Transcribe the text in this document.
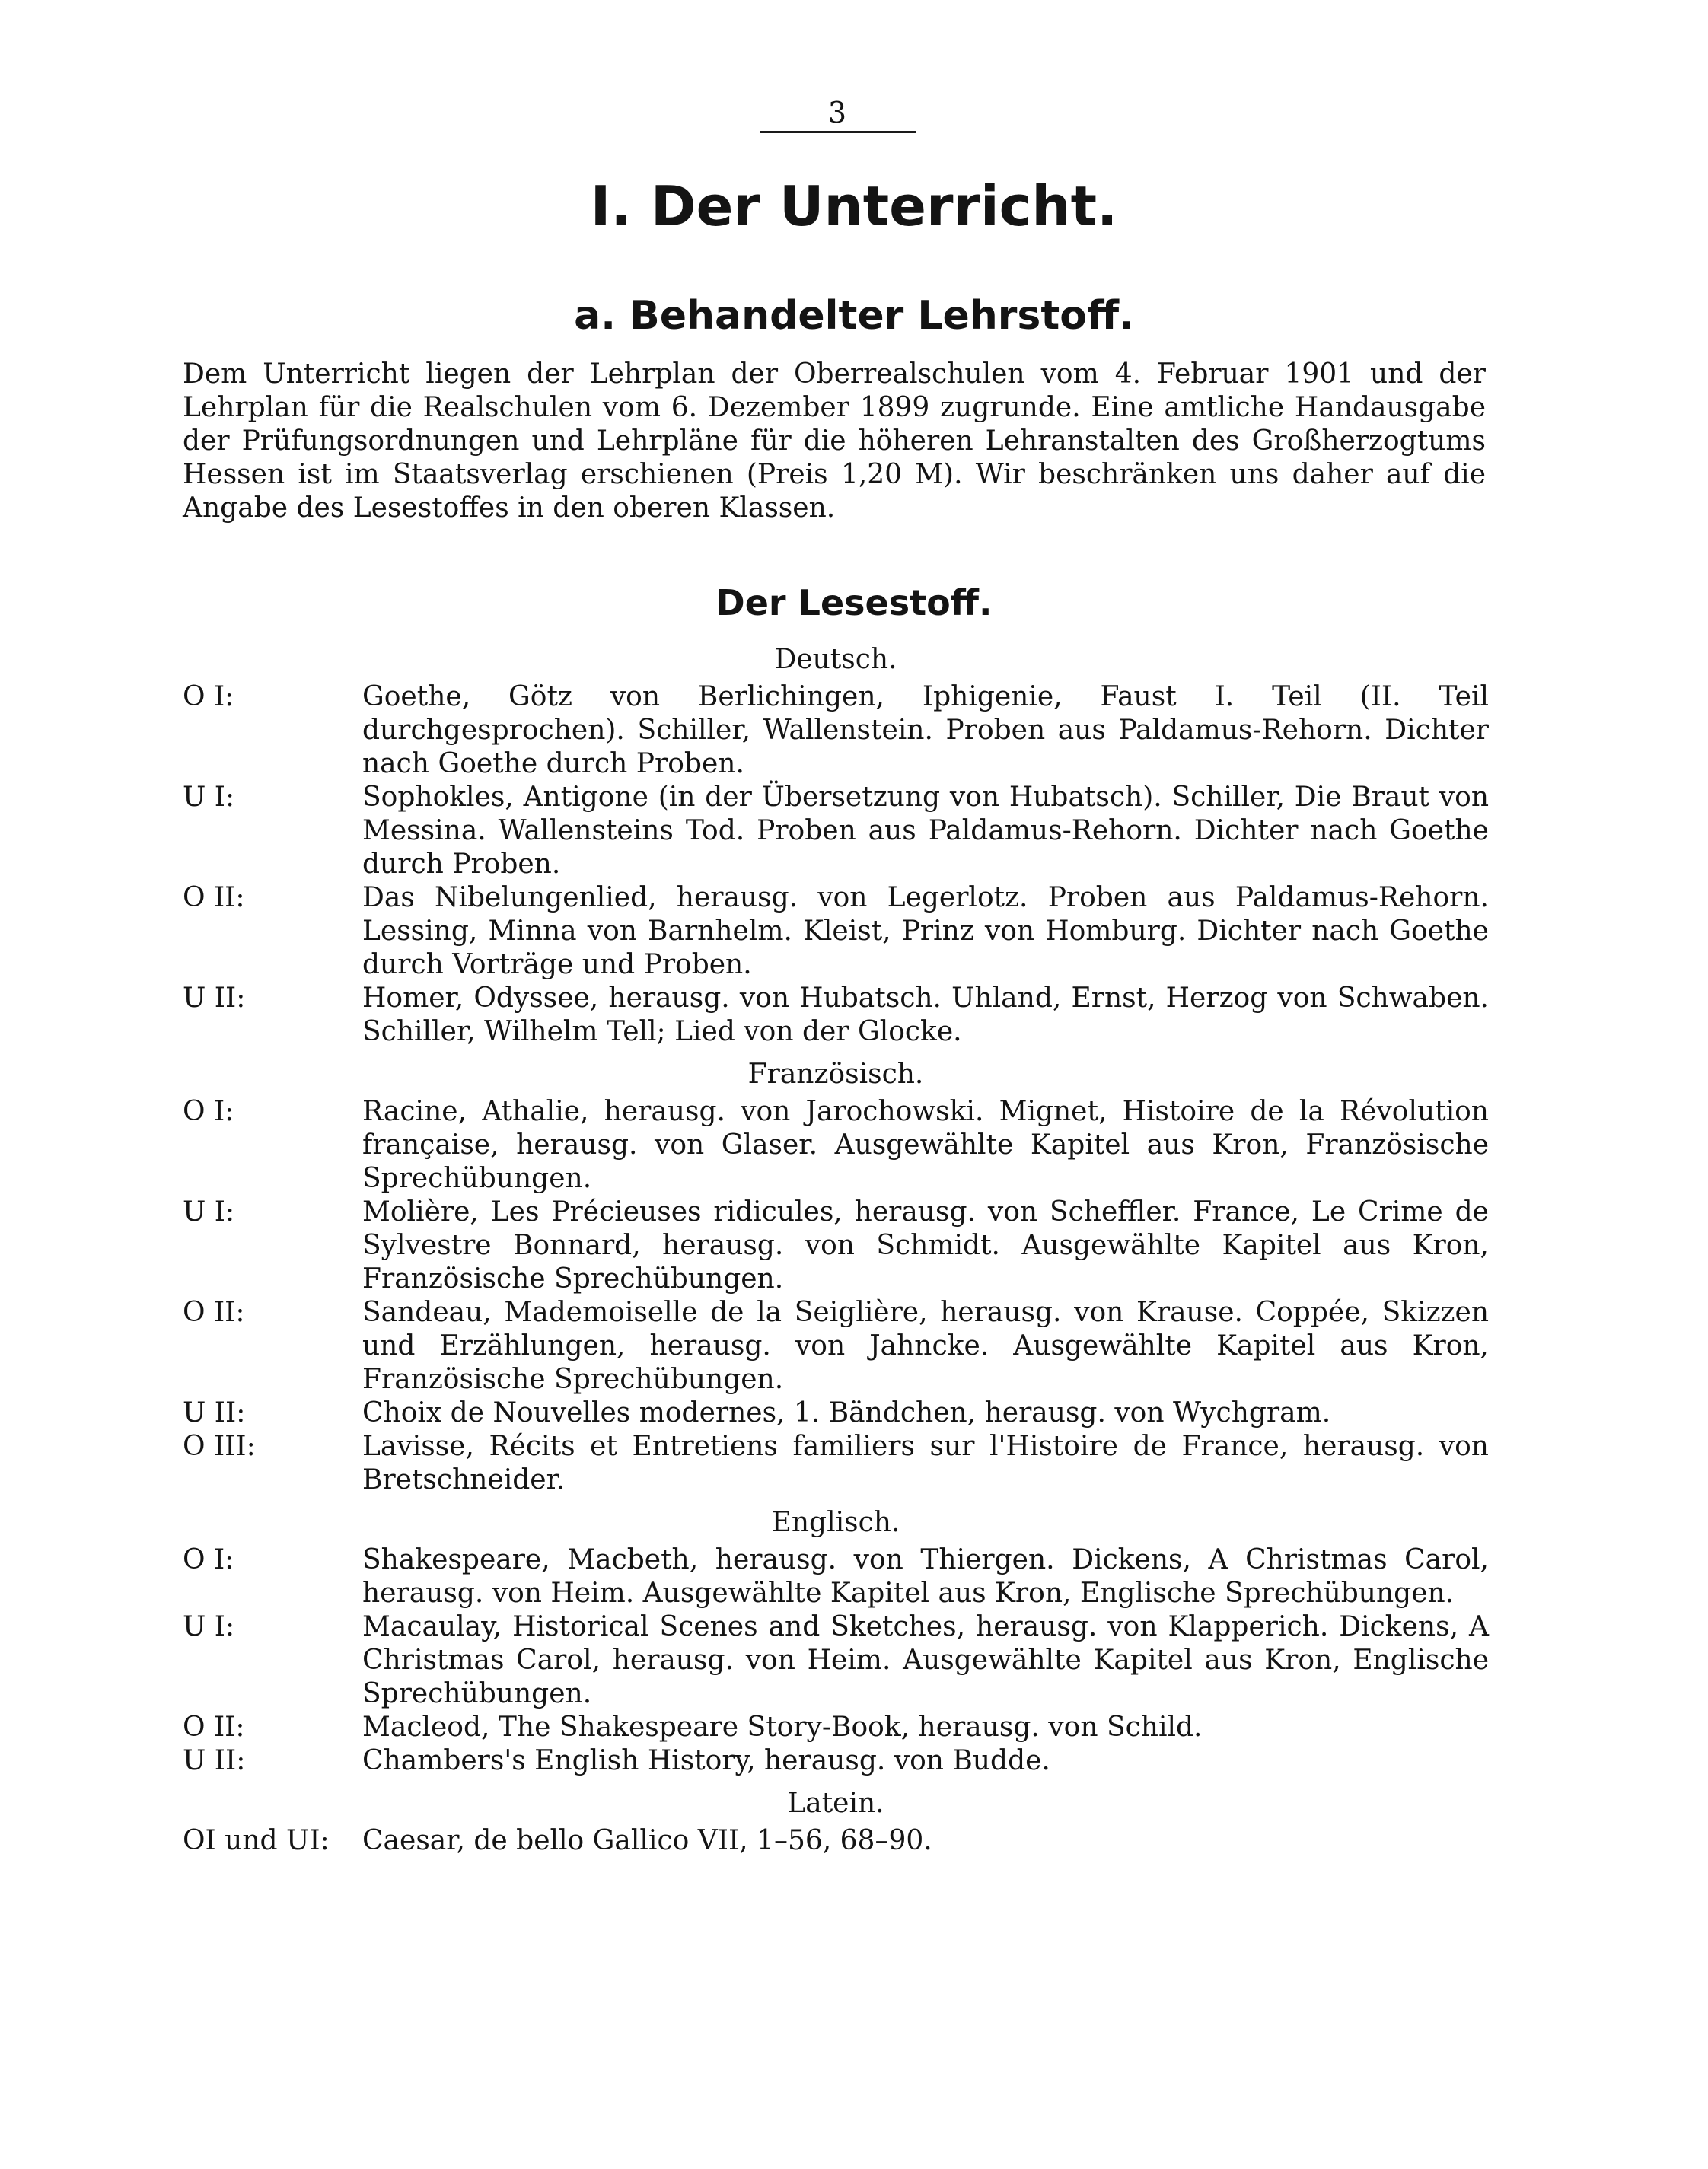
3
I. Der Unterricht.
a. Behandelter Lehrstoff.

Dem Unterricht liegen der Lehrplan der Oberrealschulen vom 4. Februar 1901 und der Lehrplan für die Realschulen vom 6. Dezember 1899 zugrunde. Eine amtliche Handausgabe der Prüfungsordnungen und Lehrpläne für die höheren Lehranstalten des Großherzogtums Hessen ist im Staatsverlag erschienen (Preis 1,20 M). Wir beschränken uns daher auf die Angabe des Lesestoffes in den oberen Klassen.

Der Lesestoff.
Deutsch.
O I:	Goethe, Götz von Berlichingen, Iphigenie, Faust I. Teil (II. Teil durchgesprochen). Schiller, Wallenstein. Proben aus Paldamus-Rehorn. Dichter nach Goethe durch Proben.
U I:	Sophokles, Antigone (in der Übersetzung von Hubatsch). Schiller, Die Braut von Messina. Wallensteins Tod. Proben aus Paldamus-Rehorn. Dichter nach Goethe durch Proben.
O II:	Das Nibelungenlied, herausg. von Legerlotz. Proben aus Paldamus-Rehorn. Lessing, Minna von Barnhelm. Kleist, Prinz von Homburg. Dichter nach Goethe durch Vorträge und Proben.
U II:	Homer, Odyssee, herausg. von Hubatsch. Uhland, Ernst, Herzog von Schwaben. Schiller, Wilhelm Tell; Lied von der Glocke.
Französisch.
O I:	Racine, Athalie, herausg. von Jarochowski. Mignet, Histoire de la Révolution française, herausg. von Glaser. Ausgewählte Kapitel aus Kron, Französische Sprechübungen.
U I:	Molière, Les Précieuses ridicules, herausg. von Scheffler. France, Le Crime de Sylvestre Bonnard, herausg. von Schmidt. Ausgewählte Kapitel aus Kron, Französische Sprechübungen.
O II:	Sandeau, Mademoiselle de la Seiglière, herausg. von Krause. Coppée, Skizzen und Erzählungen, herausg. von Jahncke. Ausgewählte Kapitel aus Kron, Französische Sprechübungen.
U II:	Choix de Nouvelles modernes, 1. Bändchen, herausg. von Wychgram.
O III:	Lavisse, Récits et Entretiens familiers sur l'Histoire de France, herausg. von Bretschneider.
Englisch.
O I:	Shakespeare, Macbeth, herausg. von Thiergen. Dickens, A Christmas Carol, herausg. von Heim. Ausgewählte Kapitel aus Kron, Englische Sprechübungen.
U I:	Macaulay, Historical Scenes and Sketches, herausg. von Klapperich. Dickens, A Christmas Carol, herausg. von Heim. Ausgewählte Kapitel aus Kron, Englische Sprechübungen.
O II:	Macleod, The Shakespeare Story-Book, herausg. von Schild.
U II:	Chambers's English History, herausg. von Budde.
Latein.
OI und UI:	Caesar, de bello Gallico VII, 1–56, 68–90.
